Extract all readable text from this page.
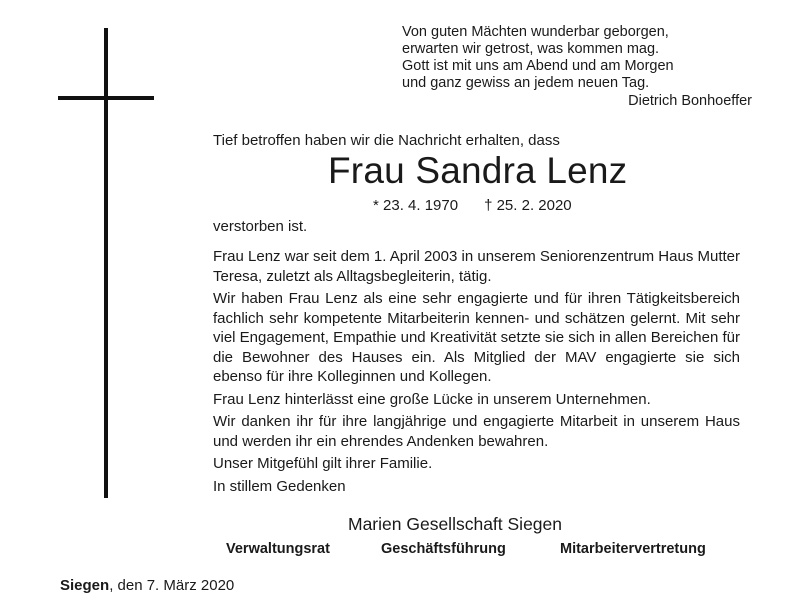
Von guten Mächten wunderbar geborgen,
erwarten wir getrost, was kommen mag.
Gott ist mit uns am Abend und am Morgen
und ganz gewiss an jedem neuen Tag.
Dietrich Bonhoeffer
Tief betroffen haben wir die Nachricht erhalten, dass
Frau Sandra Lenz
* 23. 4. 1970 † 25. 2. 2020
verstorben ist.

Frau Lenz war seit dem 1. April 2003 in unserem Seniorenzentrum Haus Mutter Teresa, zuletzt als Alltagsbegleiterin, tätig.

Wir haben Frau Lenz als eine sehr engagierte und für ihren Tätigkeitsbereich fachlich sehr kompetente Mitarbeiterin kennen- und schätzen gelernt. Mit sehr viel Engagement, Empathie und Kreativität setzte sie sich in allen Bereichen für die Bewohner des Hauses ein. Als Mitglied der MAV engagierte sie sich ebenso für ihre Kolleginnen und Kollegen.

Frau Lenz hinterlässt eine große Lücke in unserem Unternehmen.

Wir danken ihr für ihre langjährige und engagierte Mitarbeit in unserem Haus und werden ihr ein ehrendes Andenken bewahren.

Unser Mitgefühl gilt ihrer Familie.

In stillem Gedenken

Marien Gesellschaft Siegen
Verwaltungsrat	Geschäftsführung	Mitarbeitervertretung
Siegen, den 7. März 2020
